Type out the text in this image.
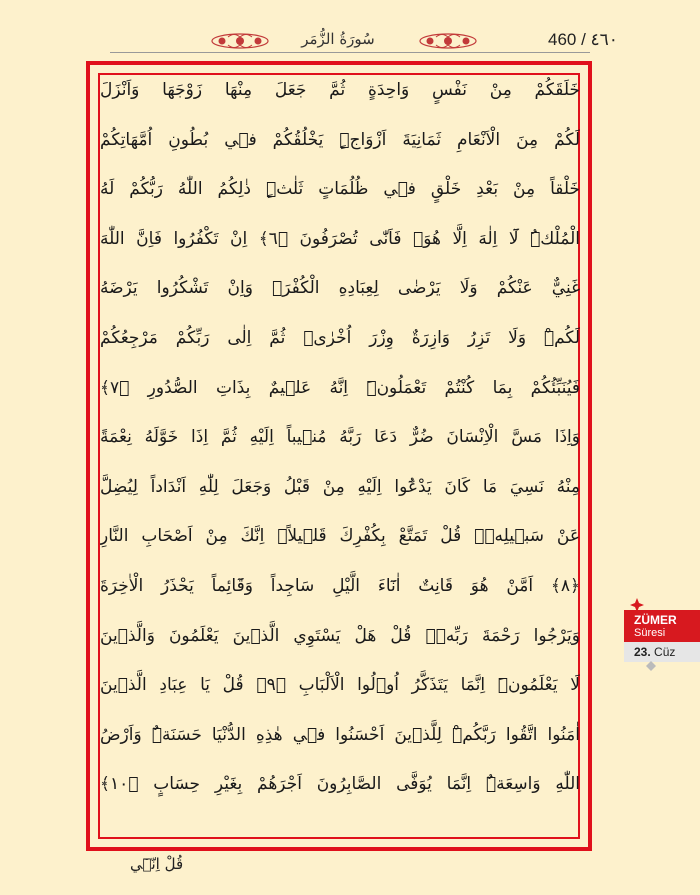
سُورَةُ الزُّمَر	460 / ٤٦٠
خَلَقَكُمْ مِنْ نَفْسٍ وَاحِدَةٍ ثُمَّ جَعَلَ مِنْهَا زَوْجَهَا وَاَنْزَلَ
لَكُمْ مِنَ الْاَنْعَامِ ثَمَانِيَةَ اَزْوَاجٍۜ يَخْلُقُكُمْ ف۪ي بُطُونِ اُمَّهَاتِكُمْ
خَلْقاً مِنْ بَعْدِ خَلْقٍ ف۪ي ظُلُمَاتٍ ثَلٰثٍۜ ذٰلِكُمُ اللّٰهُ رَبُّكُمْ لَهُ
الْمُلْكُۜ لَٓا اِلٰهَ اِلَّا هُوَۚ فَاَنّٰى تُصْرَفُونَ ﴿٦﴾ اِنْ تَكْفُرُوا فَاِنَّ اللّٰهَ
غَنِيٌّ عَنْكُمْ وَلَا يَرْضٰى لِعِبَادِهِ الْكُفْرَۚ وَاِنْ تَشْكُرُوا يَرْضَهُ
لَكُمْۜ وَلَا تَزِرُ وَازِرَةٌ وِزْرَ اُخْرٰىۜ ثُمَّ اِلٰى رَبِّكُمْ مَرْجِعُكُمْ
فَيُنَبِّئُكُمْ بِمَا كُنْتُمْ تَعْمَلُونَۜ اِنَّهُ عَل۪يمٌ بِذَاتِ الصُّدُورِ ﴿٧﴾
وَاِذَا مَسَّ الْاِنْسَانَ ضُرٌّ دَعَا رَبَّهُ مُن۪يباً اِلَيْهِ ثُمَّ اِذَا خَوَّلَهُ نِعْمَةً
مِنْهُ نَسِيَ مَا كَانَ يَدْعُٓوا اِلَيْهِ مِنْ قَبْلُ وَجَعَلَ لِلّٰهِ اَنْدَاداً لِيُضِلَّ
عَنْ سَب۪يلِه۪ۜ قُلْ تَمَتَّعْ بِكُفْرِكَ قَل۪يلاًۗ اِنَّكَ مِنْ اَصْحَابِ النَّارِ
﴿٨﴾ اَمَّنْ هُوَ قَانِتٌ اٰنَٓاءَ الَّيْلِ سَاجِداً وَقَٓائِماً يَحْذَرُ الْاٰخِرَةَ
وَيَرْجُوا رَحْمَةَ رَبِّه۪ۜ قُلْ هَلْ يَسْتَوِي الَّذ۪ينَ يَعْلَمُونَ وَالَّذ۪ينَ
لَا يَعْلَمُونَۜ اِنَّمَا يَتَذَكَّرُ اُو۬لُوا الْاَلْبَابِ ﴿٩﴾ قُلْ يَا عِبَادِ الَّذ۪ينَ
اٰمَنُوا اتَّقُوا رَبَّكُمْۜ لِلَّذ۪ينَ اَحْسَنُوا ف۪ي هٰذِهِ الدُّنْيَا حَسَنَةٌۜ وَاَرْضُ
اللّٰهِ وَاسِعَةٌۜ اِنَّمَا يُوَفَّى الصَّابِرُونَ اَجْرَهُمْ بِغَيْرِ حِسَابٍ ﴿١٠﴾
قُلْ اِنّ۪ٓي
ZÜMER
Süresi
23. Cüz
